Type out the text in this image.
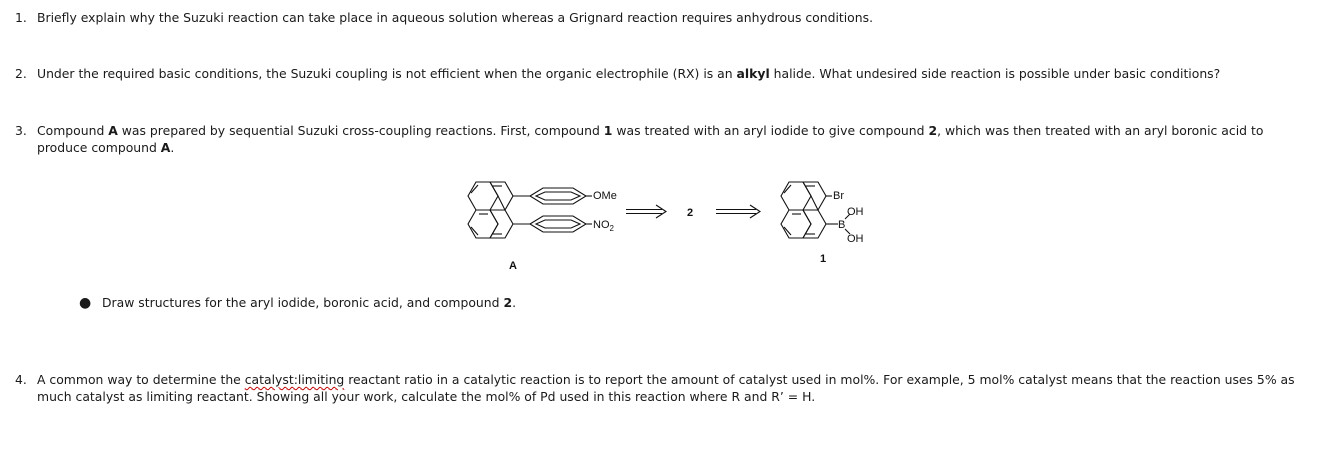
1. Briefly explain why the Suzuki reaction can take place in aqueous solution whereas a Grignard reaction requires anhydrous conditions.
2. Under the required basic conditions, the Suzuki coupling is not efficient when the organic electrophile (RX) is an alkyl halide. What undesired side reaction is possible under basic conditions?
3. Compound A was prepared by sequential Suzuki cross-coupling reactions. First, compound 1 was treated with an aryl iodide to give compound 2, which was then treated with an aryl boronic acid to produce compound A.
OMe
$NO_2$
A
2
Br
B
OH
OH
1
● Draw structures for the aryl iodide, boronic acid, and compound 2.
4. A common way to determine the catalyst:limiting reactant ratio in a catalytic reaction is to report the amount of catalyst used in mol%. For example, 5 mol% catalyst means that the reaction uses 5% as much catalyst as limiting reactant. Showing all your work, calculate the mol% of Pd used in this reaction where R and R’ = H.
